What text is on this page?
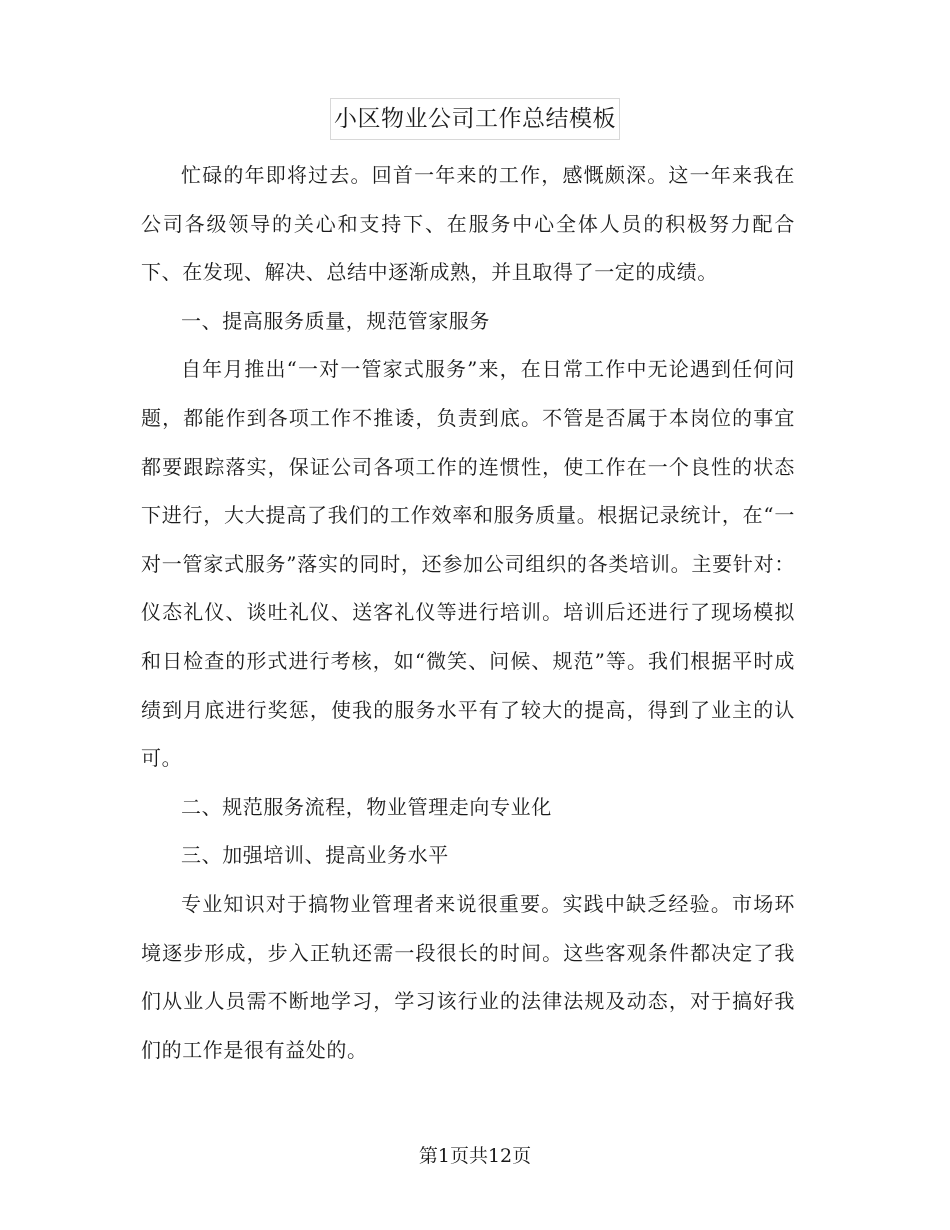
小区物业公司工作总结模板

忙碌的年即将过去。回首一年来的工作，感慨颇深。这一年来我在公司各级领导的关心和支持下、在服务中心全体人员的积极努力配合下、在发现、解决、总结中逐渐成熟，并且取得了一定的成绩。

一、提高服务质量，规范管家服务

自年月推出“一对一管家式服务”来，在日常工作中无论遇到任何问题，都能作到各项工作不推诿，负责到底。不管是否属于本岗位的事宜都要跟踪落实，保证公司各项工作的连惯性，使工作在一个良性的状态下进行，大大提高了我们的工作效率和服务质量。根据记录统计，在“一对一管家式服务”落实的同时，还参加公司组织的各类培训。主要针对：仪态礼仪、谈吐礼仪、送客礼仪等进行培训。培训后还进行了现场模拟和日检查的形式进行考核，如“微笑、问候、规范”等。我们根据平时成绩到月底进行奖惩，使我的服务水平有了较大的提高，得到了业主的认可。

二、规范服务流程，物业管理走向专业化

三、加强培训、提高业务水平

专业知识对于搞物业管理者来说很重要。实践中缺乏经验。市场环境逐步形成，步入正轨还需一段很长的时间。这些客观条件都决定了我们从业人员需不断地学习，学习该行业的法律法规及动态，对于搞好我们的工作是很有益处的。

第1页共12页
